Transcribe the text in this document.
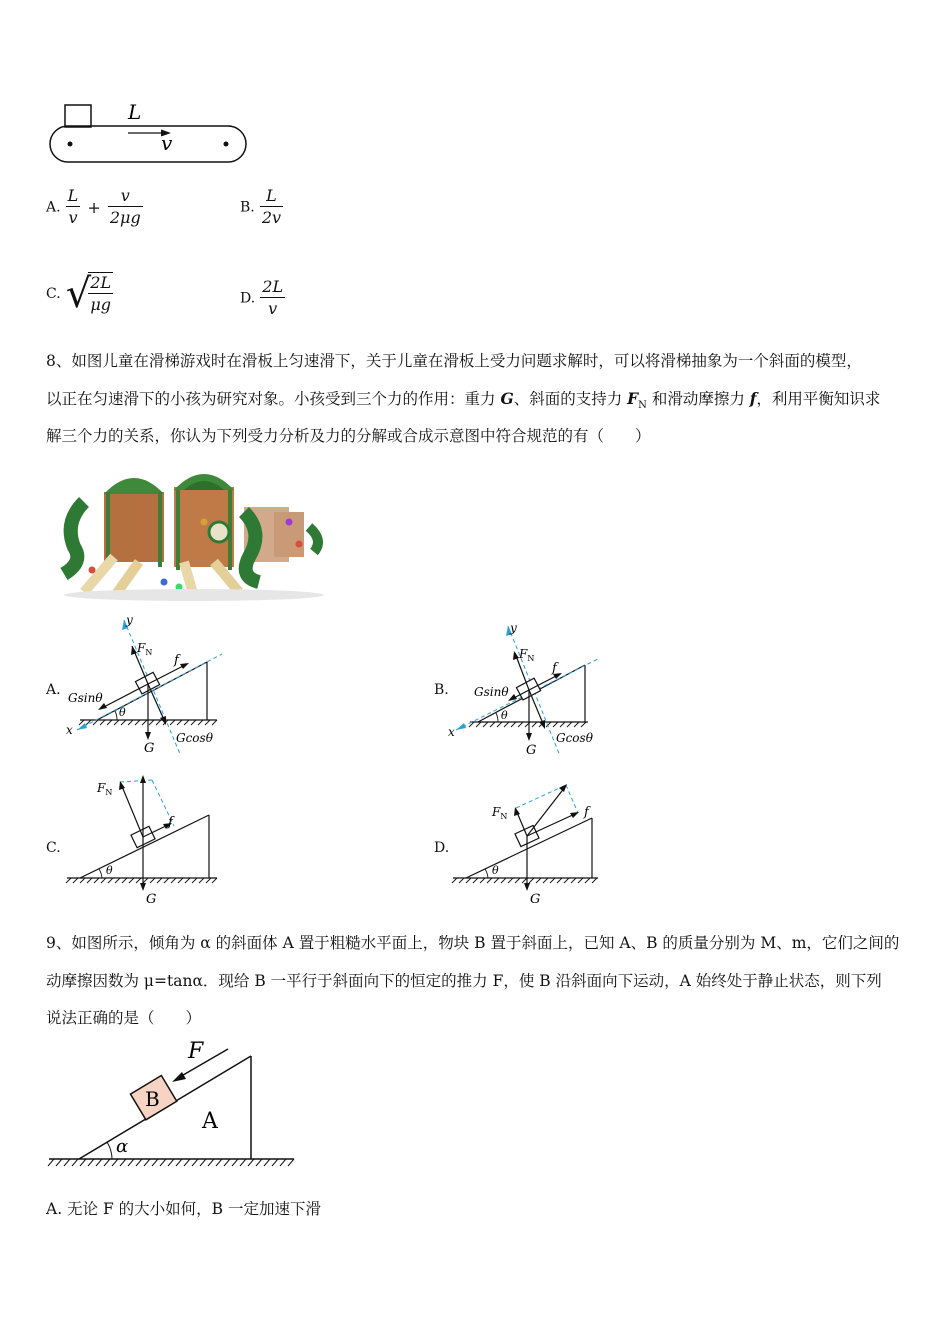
L
v
A. $\frac{L}{v} + \frac{v}{2\mu g}$	B. $\frac{L}{2v}$
C. √
$\frac{2L}{\mu g}$	D. $\frac{2L}{v}$
8、如图儿童在滑梯游戏时在滑板上匀速滑下，关于儿童在滑板上受力问题求解时，可以将滑梯抽象为一个斜面的模型，
以正在匀速滑下的小孩为研究对象。小孩受到三个力的作用：重力 G、斜面的支持力 $F_N$ 和滑动摩擦力 f，利用平衡知识求
解三个力的关系，你认为下列受力分析及力的分解或合成示意图中符合规范的有（　　）
A.
θ
y
x
$F_N$
f
G
Gsinθ
Gcosθ
B.
θ
y
x
$F_N$
f
G
Gsinθ
Gcosθ
C.
θ
$F_N$
f
G
D.
θ
$F_N$	f
G
9、如图所示，倾角为 α 的斜面体 A 置于粗糙水平面上，物块 B 置于斜面上，已知 A、B 的质量分别为 M、m，它们之间的
动摩擦因数为 μ=tanα．现给 B 一平行于斜面向下的恒定的推力 F，使 B 沿斜面向下运动，A 始终处于静止状态，则下列
说法正确的是（　　）
B
F
A
α
A. 无论 F 的大小如何，B 一定加速下滑
